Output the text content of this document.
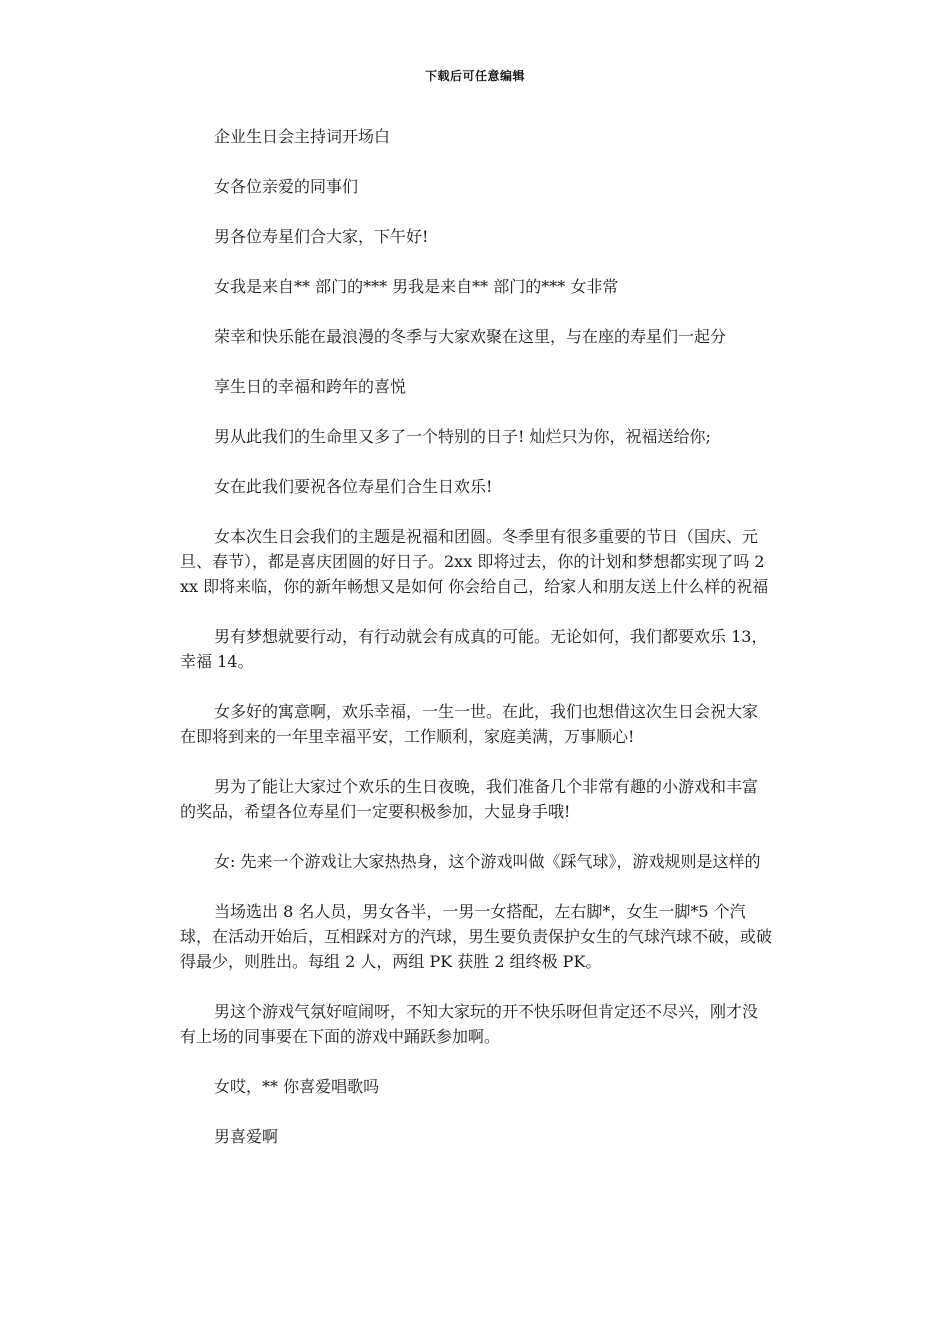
下载后可任意编辑

企业生日会主持词开场白

女各位亲爱的同事们

男各位寿星们合大家，下午好!

女我是来自** 部门的*** 男我是来自** 部门的*** 女非常

荣幸和快乐能在最浪漫的冬季与大家欢聚在这里，与在座的寿星们一起分

享生日的幸福和跨年的喜悦

男从此我们的生命里又多了一个特别的日子! 灿烂只为你，祝福送给你;

女在此我们要祝各位寿星们合生日欢乐!

女本次生日会我们的主题是祝福和团圆。冬季里有很多重要的节日（国庆、元旦、春节），都是喜庆团圆的好日子。2xx 即将过去，你的计划和梦想都实现了吗 2xx 即将来临，你的新年畅想又是如何 你会给自己，给家人和朋友送上什么样的祝福

男有梦想就要行动，有行动就会有成真的可能。无论如何，我们都要欢乐 13，幸福 14。

女多好的寓意啊，欢乐幸福，一生一世。在此，我们也想借这次生日会祝大家在即将到来的一年里幸福平安，工作顺利，家庭美满，万事顺心!

男为了能让大家过个欢乐的生日夜晚，我们准备几个非常有趣的小游戏和丰富的奖品，希望各位寿星们一定要积极参加，大显身手哦!

女: 先来一个游戏让大家热热身，这个游戏叫做《踩气球》，游戏规则是这样的

当场选出 8 名人员，男女各半，一男一女搭配，左右脚*，女生一脚*5 个汽球，在活动开始后，互相踩对方的汽球，男生要负责保护女生的气球汽球不破，或破得最少，则胜出。每组 2 人，两组 PK 获胜 2 组终极 PK。

男这个游戏气氛好喧闹呀，不知大家玩的开不快乐呀但肯定还不尽兴，刚才没有上场的同事要在下面的游戏中踊跃参加啊。

女哎，** 你喜爱唱歌吗

男喜爱啊
